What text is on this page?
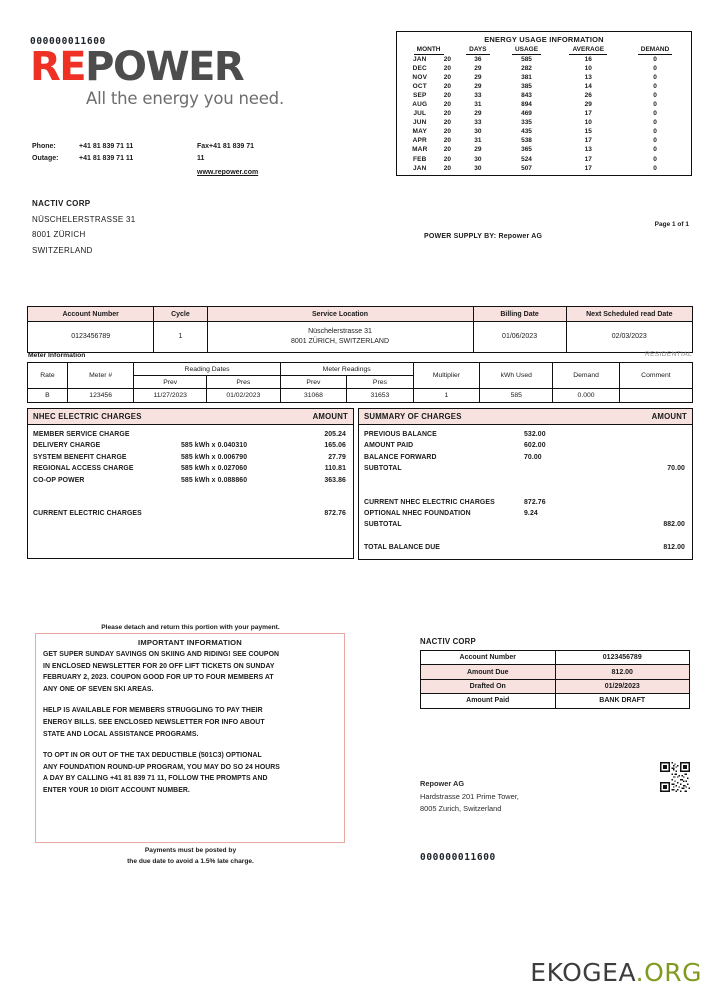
000000011600
REPOWER
All the energy you need.
Phone:	+41 81 839 71 11
Outage:	+41 81 839 71 11
Fax+41 81 839 71 11
www.repower.com
NACTIV CORP
NÜSCHELERSTRASSE 31
8001 ZÜRICH
SWITZERLAND
ENERGY USAGE INFORMATION
MONTH		DAYS	USAGE	AVERAGE	DEMAND
JAN	20	36	585	16	0
DEC	20	29	282	10	0
NOV	20	29	381	13	0
OCT	20	29	385	14	0
SEP	20	33	843	26	0
AUG	20	31	894	29	0
JUL	20	29	469	17	0
JUN	20	33	335	10	0
MAY	20	30	435	15	0
APR	20	31	538	17	0
MAR	20	29	365	13	0
FEB	20	30	524	17	0
JAN	20	30	507	17	0
Page 1 of 1
POWER SUPPLY BY: Repower AG
Account Number	Cycle	Service Location	Billing Date	Next Scheduled read Date
0123456789	1	Nüschelerstrasse 31
8001 ZÜRICH, SWITZERLAND	01/06/2023	02/03/2023
Meter Information	RESIDENTIAL
Rate	Meter #	Reading Dates		Meter Readings		Multiplier	kWh Used	Demand	Comment
		Prev	Pres	Prev	Pres				
B	123456	11/27/2023	01/02/2023	31068	31653	1	585	0.000	
NHEC ELECTRIC CHARGES	AMOUNT
MEMBER SERVICE CHARGE	205.24
DELIVERY CHARGE	585 kWh x 0.040310	165.06
SYSTEM BENEFIT CHARGE	585 kWh x 0.006790	27.79
REGIONAL ACCESS CHARGE	585 kWh x 0.027060	110.81
CO-OP POWER	585 kWh x 0.088860	363.86
CURRENT ELECTRIC CHARGES	872.76
SUMMARY OF CHARGES	AMOUNT
PREVIOUS BALANCE	532.00
AMOUNT PAID	602.00
BALANCE FORWARD	70.00
SUBTOTAL	70.00
CURRENT NHEC ELECTRIC CHARGES	872.76
OPTIONAL NHEC FOUNDATION	9.24
SUBTOTAL	882.00
TOTAL BALANCE DUE	812.00
Please detach and return this portion with your payment.
IMPORTANT INFORMATION
GET SUPER SUNDAY SAVINGS ON SKIING AND RIDING! SEE COUPON
IN ENCLOSED NEWSLETTER FOR 20 OFF LIFT TICKETS ON SUNDAY
FEBRUARY 2, 2023. COUPON GOOD FOR UP TO FOUR MEMBERS AT
ANY ONE OF SEVEN SKI AREAS.
HELP IS AVAILABLE FOR MEMBERS STRUGGLING TO PAY THEIR
ENERGY BILLS. SEE ENCLOSED NEWSLETTER FOR INFO ABOUT
STATE AND LOCAL ASSISTANCE PROGRAMS.
TO OPT IN OR OUT OF THE TAX DEDUCTIBLE (501C3) OPTIONAL
ANY FOUNDATION ROUND-UP PROGRAM, YOU MAY DO SO 24 HOURS
A DAY BY CALLING +41 81 839 71 11, FOLLOW THE PROMPTS AND
ENTER YOUR 10 DIGIT ACCOUNT NUMBER.
Payments must be posted by
the due date to avoid a 1.5% late charge.
NACTIV CORP
Account Number	0123456789
Amount Due	812.00
Drafted On	01/29/2023
Amount Paid	BANK DRAFT
Repower AG
Hardstrasse 201 Prime Tower,
8005 Zurich, Switzerland
000000011600
EKOGEA.ORG
